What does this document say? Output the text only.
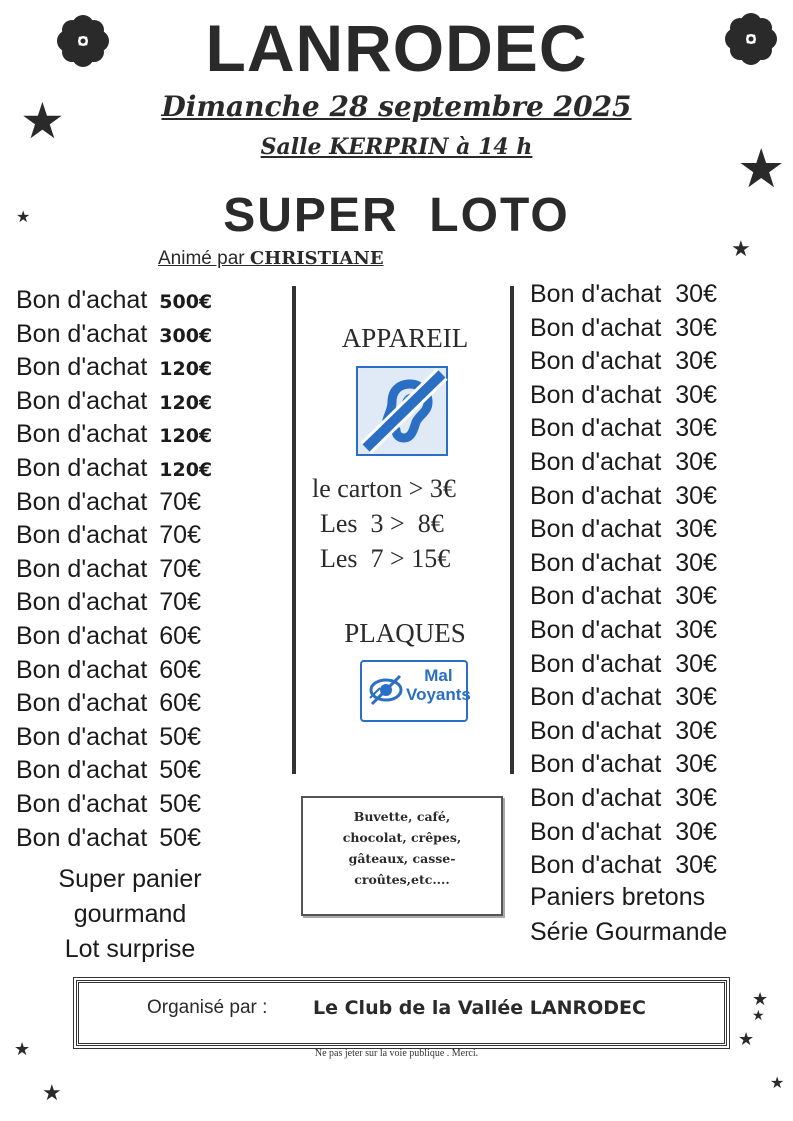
★
★
★
★
★
★
★
★
★	★
LANRODEC
Dimanche 28 septembre 2025
Salle KERPRIN à 14 h
SUPER  LOTO
Animé par CHRISTIANE
Bon d'achat 500€
Bon d'achat 300€
Bon d'achat 120€
Bon d'achat 120€
Bon d'achat 120€
Bon d'achat 120€
Bon d'achat 70€
Bon d'achat 70€
Bon d'achat 70€
Bon d'achat 70€
Bon d'achat 60€
Bon d'achat 60€
Bon d'achat 60€
Bon d'achat 50€
Bon d'achat 50€
Bon d'achat 50€
Bon d'achat 50€
Super panier
gourmand
Lot surprise
APPAREIL
le carton > 3€
Les  3 >  8€
Les  7 > 15€
PLAQUES
Mal
Voyants
Buvette, café,
chocolat, crêpes,
gâteaux, casse-
croûtes,etc....
Bon d'achat 30€
Bon d'achat 30€
Bon d'achat 30€
Bon d'achat 30€
Bon d'achat 30€
Bon d'achat 30€
Bon d'achat 30€
Bon d'achat 30€
Bon d'achat 30€
Bon d'achat 30€
Bon d'achat 30€
Bon d'achat 30€
Bon d'achat 30€
Bon d'achat 30€
Bon d'achat 30€
Bon d'achat 30€
Bon d'achat 30€
Bon d'achat 30€
Paniers bretons
Série Gourmande
Organisé par : Le Club de la Vallée LANRODEC
Ne pas jeter sur la voie publique . Merci.
